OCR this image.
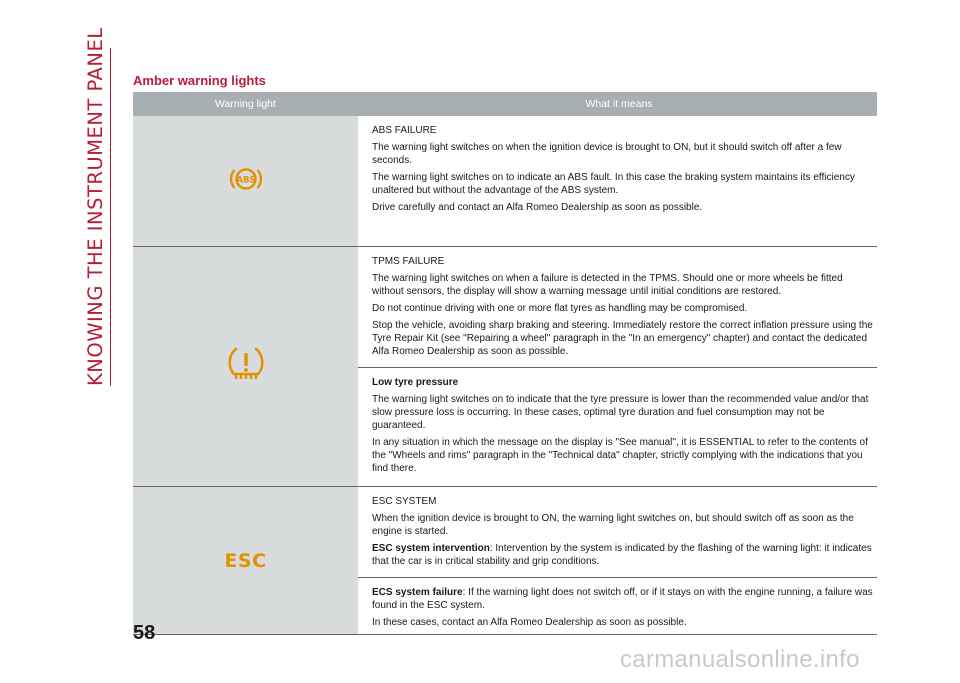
KNOWING THE INSTRUMENT PANEL Amber warning lights
Warning light	What it means
ABS

ABS FAILURE

The warning light switches on when the ignition device is brought to ON, but it should switch off after a few seconds.

The warning light switches on to indicate an ABS fault. In this case the braking system maintains its efficiency unaltered but without the advantage of the ABS system.

Drive carefully and contact an Alfa Romeo Dealership as soon as possible.

TPMS FAILURE

The warning light switches on when a failure is detected in the TPMS. Should one or more wheels be fitted without sensors, the display will show a warning message until initial conditions are restored.

Do not continue driving with one or more flat tyres as handling may be compromised.

Stop the vehicle, avoiding sharp braking and steering. Immediately restore the correct inflation pressure using the Tyre Repair Kit (see "Repairing a wheel" paragraph in the "In an emergency" chapter) and contact the dedicated Alfa Romeo Dealership as soon as possible.

Low tyre pressure

The warning light switches on to indicate that the tyre pressure is lower than the recommended value and/or that slow pressure loss is occurring. In these cases, optimal tyre duration and fuel consumption may not be guaranteed.

In any situation in which the message on the display is "See manual", it is ESSENTIAL to refer to the contents of the "Wheels and rims" paragraph in the "Technical data" chapter, strictly complying with the indications that you find there.

ESC

ESC SYSTEM

When the ignition device is brought to ON, the warning light switches on, but should switch off as soon as the engine is started.

ESC system intervention: Intervention by the system is indicated by the flashing of the warning light: it indicates that the car is in critical stability and grip conditions.

ECS system failure: If the warning light does not switch off, or if it stays on with the engine running, a failure was found in the ESC system.

In these cases, contact an Alfa Romeo Dealership as soon as possible.

58
carmanualsonline.info
